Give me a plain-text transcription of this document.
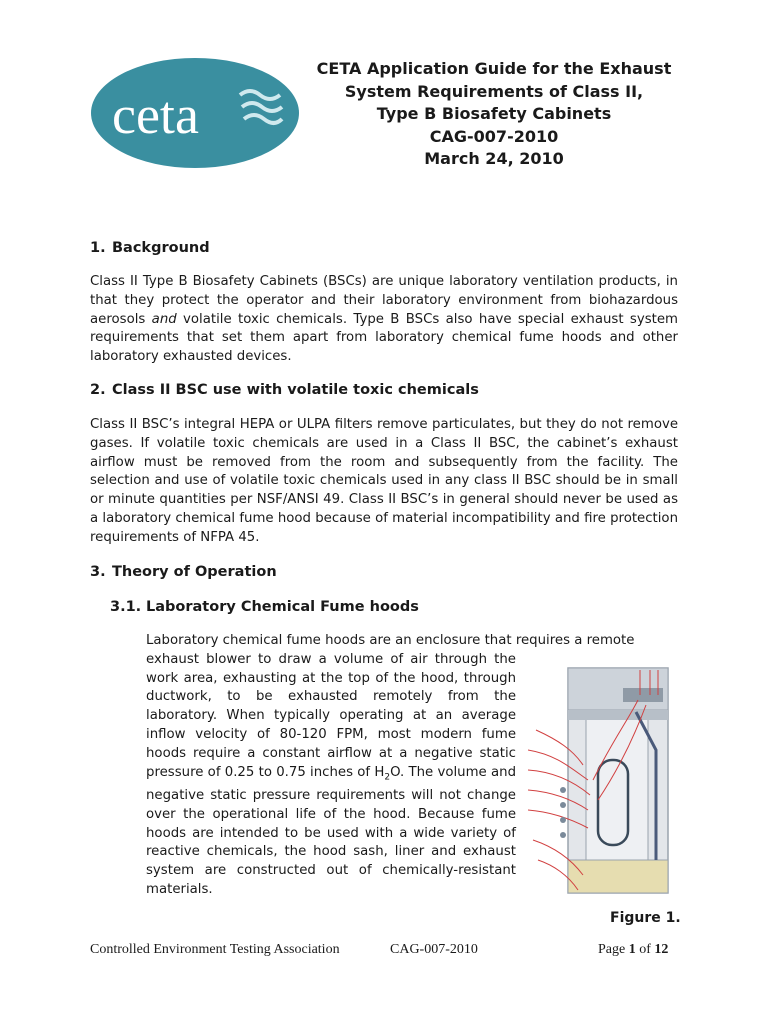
ceta
CETA Application Guide for the Exhaust
System Requirements of Class II,
Type B Biosafety Cabinets
CAG-007-2010
March 24, 2010
1. Background

Class II Type B Biosafety Cabinets (BSCs) are unique laboratory ventilation products, in that they protect the operator and their laboratory environment from biohazardous aerosols and volatile toxic chemicals. Type B BSCs also have special exhaust system requirements that set them apart from laboratory chemical fume hoods and other laboratory exhausted devices.

2. Class II BSC use with volatile toxic chemicals

Class II BSC’s integral HEPA or ULPA filters remove particulates, but they do not remove gases. If volatile toxic chemicals are used in a Class II BSC, the cabinet’s exhaust airflow must be removed from the room and subsequently from the facility. The selection and use of volatile toxic chemicals used in any class II BSC should be in small or minute quantities per NSF/ANSI 49. Class II BSC’s in general should never be used as a laboratory chemical fume hood because of material incompatibility and fire protection requirements of NFPA 45.

3. Theory of Operation
3.1. Laboratory Chemical Fume hoods

Laboratory chemical fume hoods are an enclosure that requires a remote
exhaust blower to draw a volume of air through the work area, exhausting at the top of the hood, through ductwork, to be exhausted remotely from the laboratory. When typically operating at an average inflow velocity of 80-120 FPM, most modern fume hoods require a constant airflow at a negative static pressure of 0.25 to 0.75 inches of $H_2O$. The volume and negative static pressure requirements will not change over the operational life of the hood. Because fume hoods are intended to be used with a wide variety of reactive chemicals, the hood sash, liner and exhaust system are constructed out of chemically-resistant materials.

Figure 1.
Controlled Environment Testing Association	CAG-007-2010	Page 1 of 12
